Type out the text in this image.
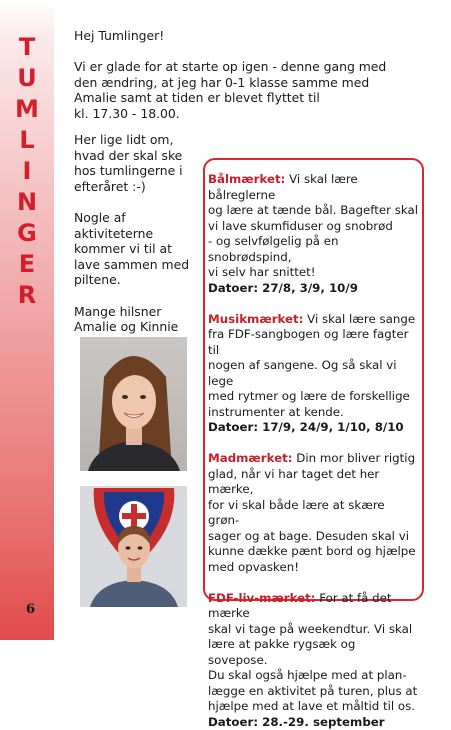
T
U
M
L
I
N
G
E
R
6
Hej Tumlinger!
Vi er glade for at starte op igen - denne gang med
den ændring, at jeg har 0-1 klasse samme med
Amalie samt at tiden er blevet flyttet til
kl. 17.30 - 18.00.

Her lige lidt om,
hvad der skal ske
hos tumlingerne i
efteråret :-)

Nogle af
aktiviteterne
kommer vi til at
lave sammen med
piltene.

Mange hilsner
Amalie og Kinnie

Bålmærket: Vi skal lære bålreglerne
og lære at tænde bål. Bagefter skal
vi lave skumfiduser og snobrød
- og selvfølgelig på en snobrødspind,
vi selv har snittet!
Datoer: 27/8, 3/9, 10/9
Musikmærket: Vi skal lære sange
fra FDF-sangbogen og lære fagter til
nogen af sangene. Og så skal vi lege
med rytmer og lære de forskellige
instrumenter at kende.
Datoer: 17/9, 24/9, 1/10, 8/10
Madmærket: Din mor bliver rigtig
glad, når vi har taget det her mærke,
for vi skal både lære at skære grøn-
sager og at bage. Desuden skal vi
kunne dække pænt bord og hjælpe
med opvasken!
FDF-liv-mærket: For at få det mærke
skal vi tage på weekendtur. Vi skal
lære at pakke rygsæk og sovepose.
Du skal også hjælpe med at plan-
lægge en aktivitet på turen, plus at
hjælpe med at lave et måltid til os.
Datoer: 28.-29. september
